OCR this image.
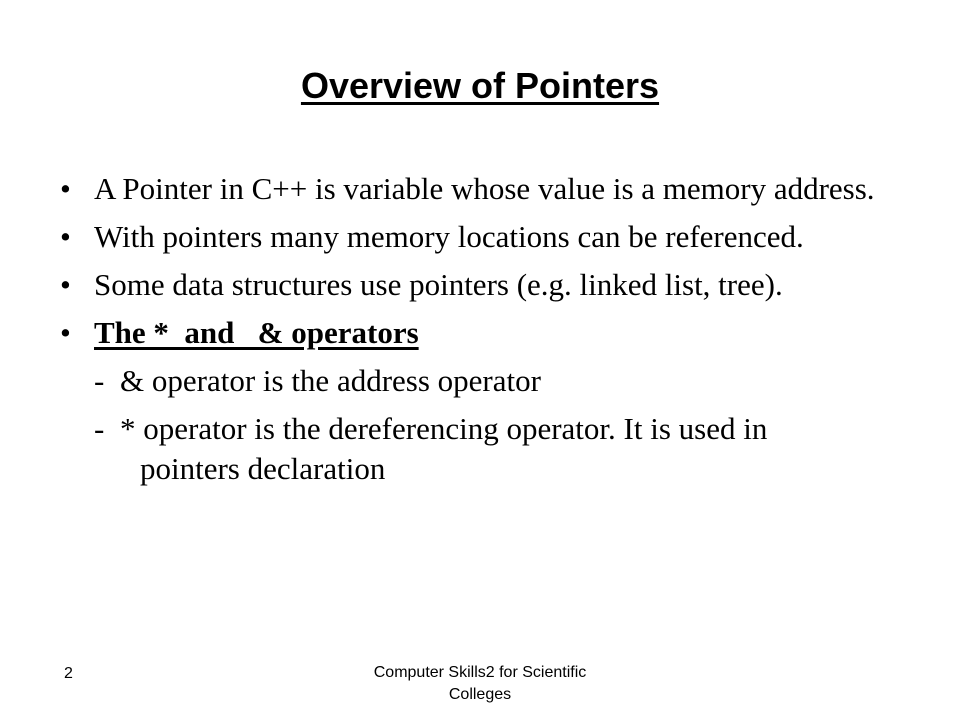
Overview of Pointers
• A Pointer in C++ is variable whose value is a memory address.
• With pointers many memory locations can be referenced.
• Some data structures use pointers (e.g. linked list, tree).
• The *  and   & operators
- & operator is the address operator
- * operator is the dereferencing operator. It is used in
pointers declaration
2	Computer Skills2 for Scientific
Colleges
